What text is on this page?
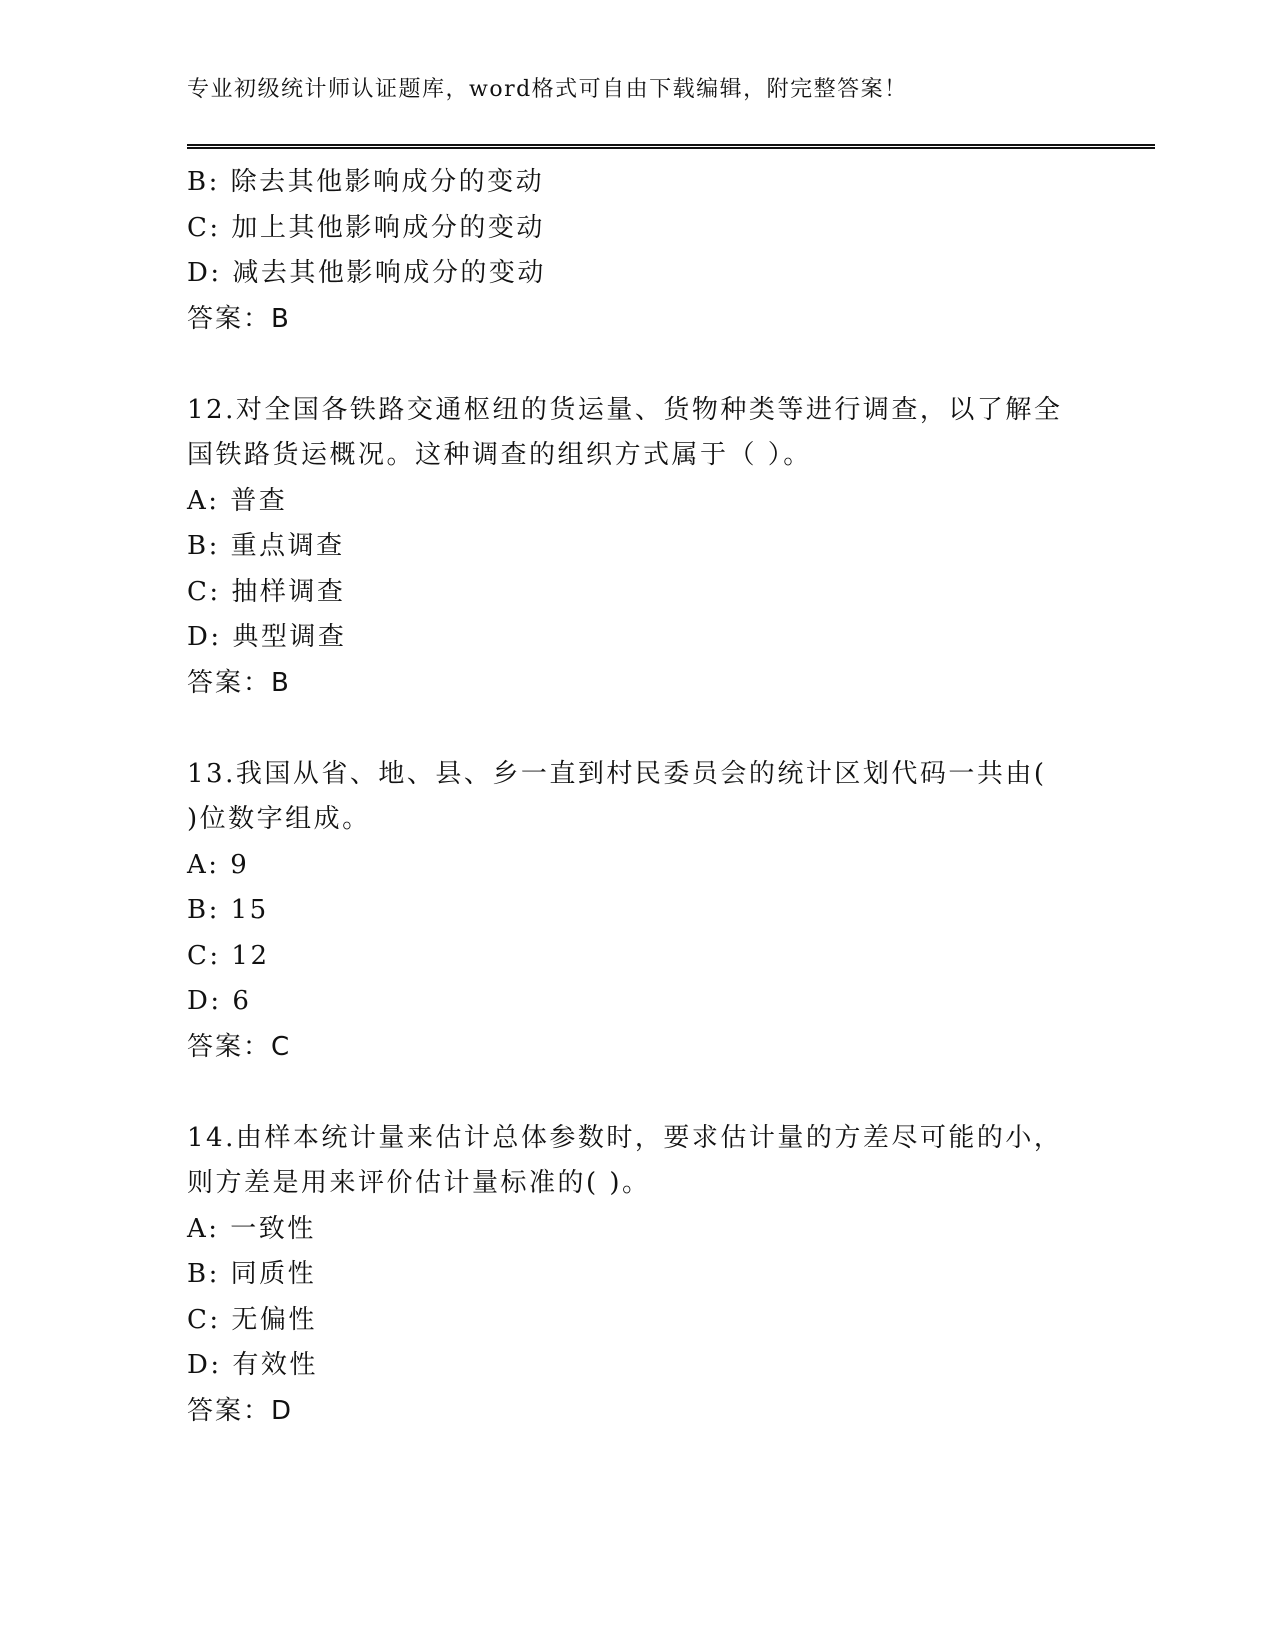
专业初级统计师认证题库，word格式可自由下载编辑，附完整答案！
B: 除去其他影响成分的变动
C: 加上其他影响成分的变动
D: 减去其他影响成分的变动
答案：B
12.对全国各铁路交通枢纽的货运量、货物种类等进行调查，以了解全
国铁路货运概况。这种调查的组织方式属于（ ）。
A: 普查
B: 重点调查
C: 抽样调查
D: 典型调查
答案：B
13.我国从省、地、县、乡一直到村民委员会的统计区划代码一共由(
)位数字组成。
A: 9
B: 15
C: 12
D: 6
答案：C
14.由样本统计量来估计总体参数时，要求估计量的方差尽可能的小，
则方差是用来评价估计量标准的( )。
A: 一致性
B: 同质性
C: 无偏性
D: 有效性
答案：D
